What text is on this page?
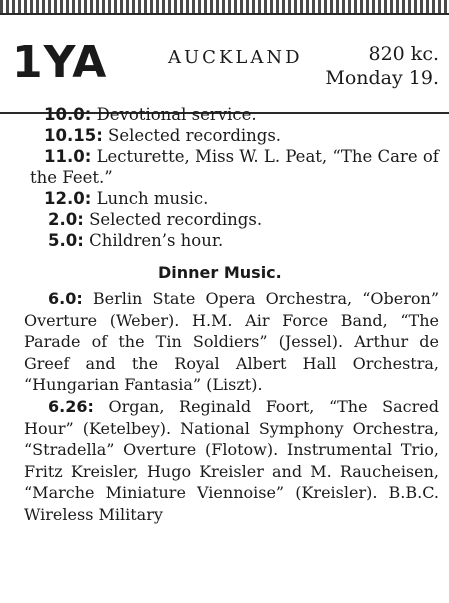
1YA	AUCKLAND	820 kc.
Monday 19.

10.0: Devotional service.

10.15: Selected recordings.

11.0: Lecturette, Miss W. L. Peat, “The Care of the Feet.”

12.0: Lunch music.

2.0: Selected recordings.

5.0: Children’s hour.

Dinner Music.

6.0: Berlin State Opera Orchestra, “Oberon” Overture (Weber). H.M. Air Force Band, “The Parade of the Tin Soldiers” (Jessel). Arthur de Greef and the Royal Albert Hall Orchestra, “Hungarian Fantasia” (Liszt).

6.26: Organ, Reginald Foort, “The Sacred Hour” (Ketelbey). National Symphony Orchestra, “Stradella” Overture (Flotow). Instrumental Trio, Fritz Kreisler, Hugo Kreisler and M. Raucheisen, “Marche Miniature Viennoise” (Kreisler). B.B.C. Wireless Military
